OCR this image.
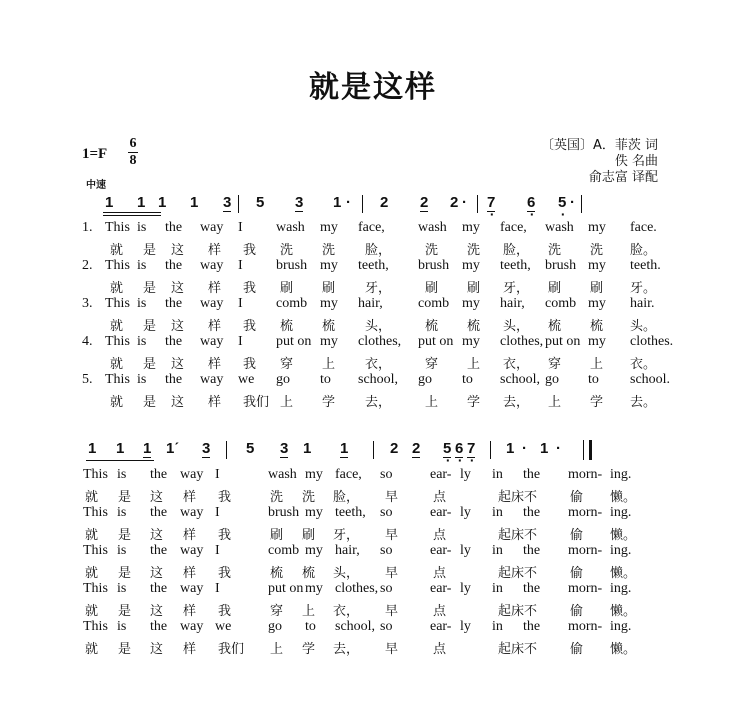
就是这样
1=F
6
8
中速
〔英国〕A．菲茨 词
佚 名曲
俞志富 译配
1 1 1 1 3 5 3 1 · 2 2 2 · 7 · 6 · 5 · ·
1. This is the way I wash my face, wash my face, wash my face.
就 是 这 样 我 洗 洗 脸，	洗 洗 脸， 洗 洗 脸。
2. This is the way I brush my teeth, brush my teeth, brush my teeth.
就 是 这 样 我 刷 刷 牙，	刷 刷 牙， 刷 刷 牙。
3. This is the way I comb my hair,	comb my hair, comb my hair.
就 是 这 样 我 梳 梳 头，	梳 梳 头， 梳 梳 头。
4. This is the way I put on my clothes, put on my clothes, put on my clothes.
就 是 这 样 我 穿 上 衣，	穿 上 衣， 穿 上 衣。
5. This is the way we go to school, go to school, go to school.
就 是 这 样 我们 上 学 去，	上 学 去， 上 学 去。
1 1 1 1ˊ 3 5 3 1 1	2 2 5 · 6 · 7 · 1 · 1 ·
This is the way I	wash my face, so	ear- ly in the morn- ing.
就 是 这 样 我	洗 洗 脸， 早	点	起床不	偷 懒。
This is the way I	brush my teeth, so	ear- ly in the morn- ing.
就 是 这 样 我	刷 刷 牙， 早	点	起床不	偷 懒。
This is the way I	comb my hair, so	ear- ly in the morn- ing.
就 是 这 样 我	梳 梳 头， 早	点	起床不	偷 懒。
This is the way I	put on my clothes, so	ear- ly in the morn- ing.
就 是 这 样 我	穿 上 衣， 早	点	起床不	偷 懒。
This is the way we	go to school, so	ear- ly in the morn- ing.
就 是 这 样 我们 上 学 去， 早	点	起床不	偷 懒。
